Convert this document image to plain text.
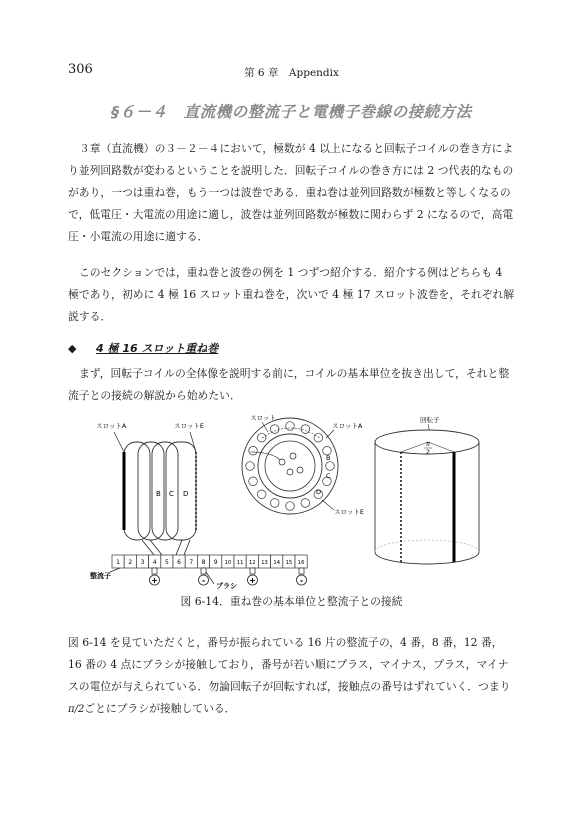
306	第 6 章　Appendix
§６－４　直流機の整流子と電機子巻線の接続方法

３章（直流機）の３－２－４において，極数が 4 以上になると回転子コイルの巻き方により並列回路数が変わるということを説明した．回転子コイルの巻き方には 2 つ代表的なものがあり，一つは重ね巻，もう一つは波巻である．重ね巻は並列回路数が極数と等しくなるので，低電圧・大電流の用途に適し，波巻は並列回路数が極数に関わらず 2 になるので，高電圧・小電流の用途に適する．

このセクションでは，重ね巻と波巻の例を 1 つずつ紹介する．紹介する例はどちらも 4 極であり，初めに 4 極 16 スロット重ね巻を，次いで 4 極 17 スロット波巻を，それぞれ解説する．

◆	4 極 16 スロット重ね巻

まず，回転子コイルの全体像を説明する前に，コイルの基本単位を抜き出して，それと整流子との接続の解説から始めたい．

スロットA	スロットE
B C D
1 2 3 4 5 6 7 8 9 10 11 12 13 14 15 16
整流子
ブラシ
+	-	+	-
スロット
スロットA
B
C
D
スロットE
回転子
π
2
図 6-14．重ね巻の基本単位と整流子との接続

図 6-14 を見ていただくと，番号が振られている 16 片の整流子の，4 番，8 番，12 番，16 番の 4 点にブラシが接触しており，番号が若い順にプラス，マイナス，プラス，マイナスの電位が与えられている．勿論回転子が回転すれば，接触点の番号はずれていく．つまりπ/2ごとにブラシが接触している．
